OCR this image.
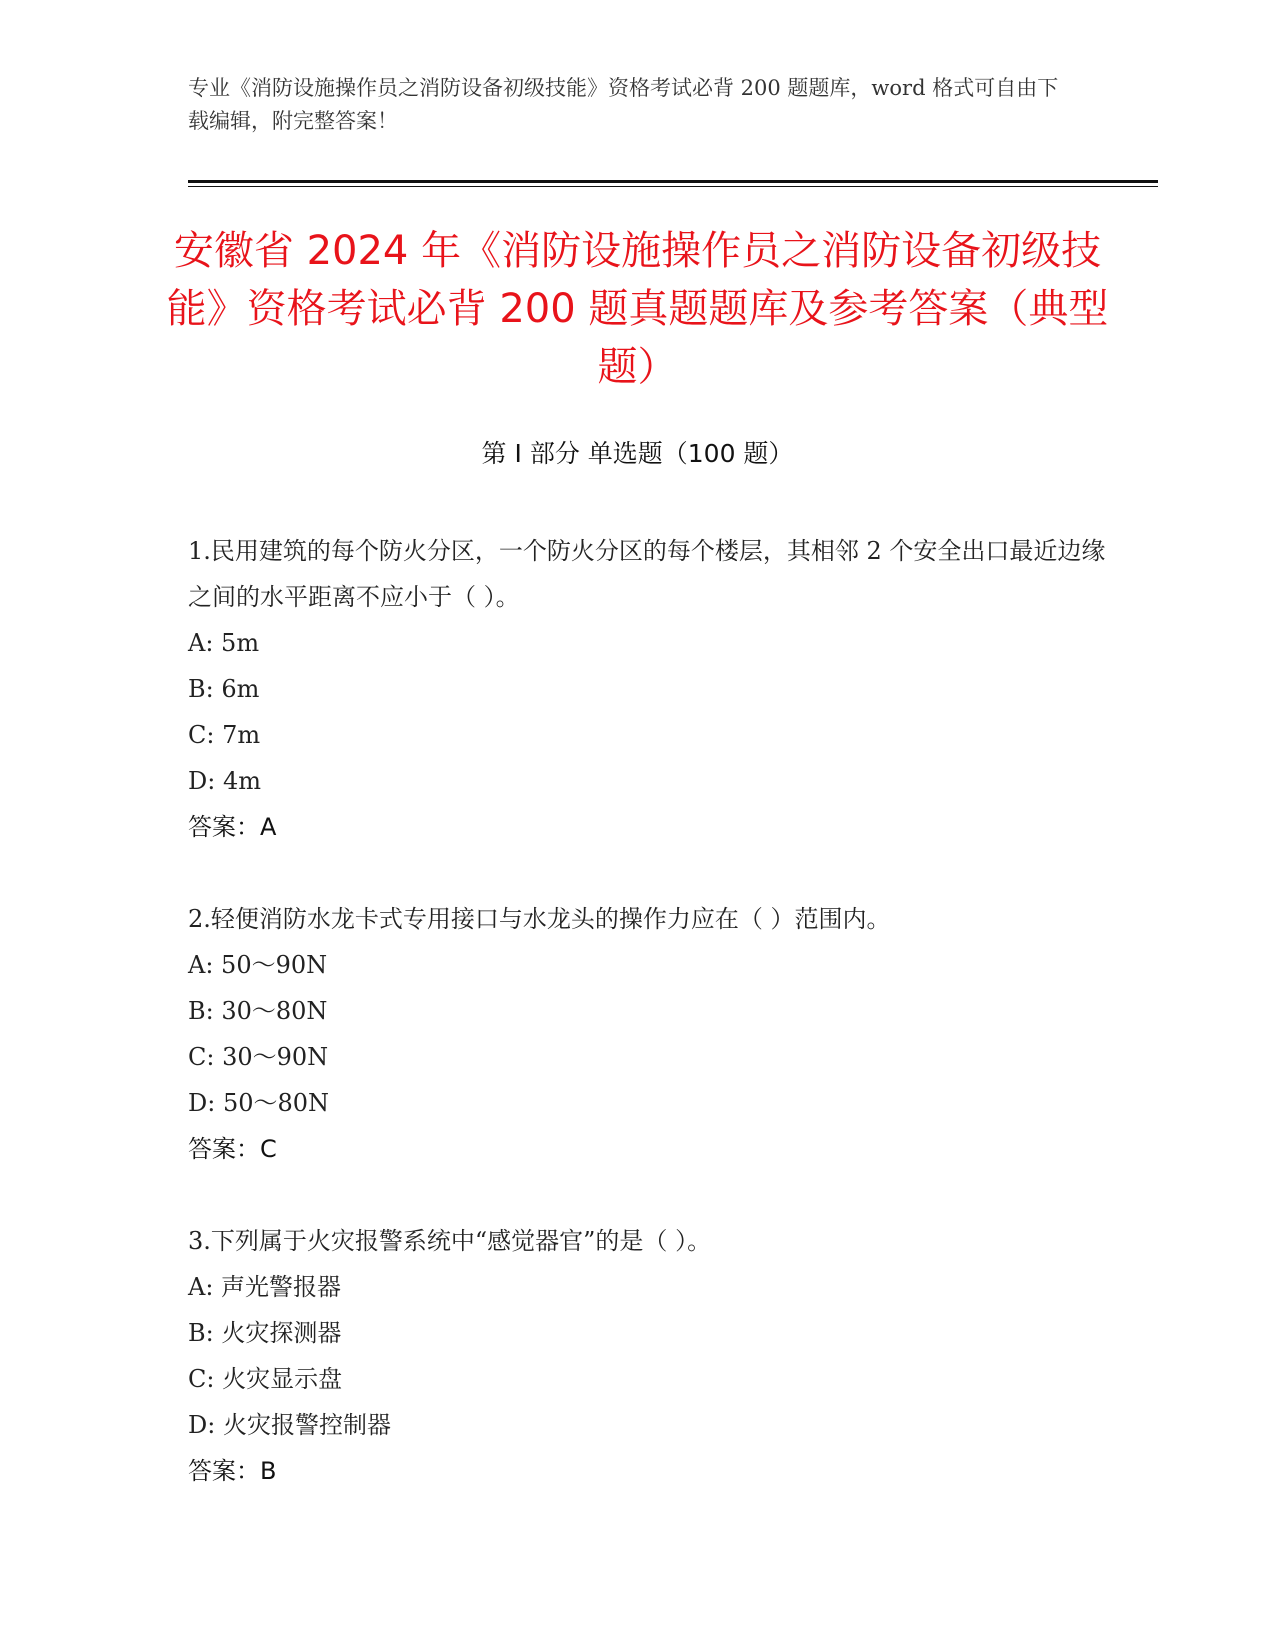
专业《消防设施操作员之消防设备初级技能》资格考试必背 200 题题库，word 格式可自由下载编辑，附完整答案！
安徽省 2024 年《消防设施操作员之消防设备初级技能》资格考试必背 200 题真题题库及参考答案（典型题）
第 I 部分 单选题（100 题）

1.民用建筑的每个防火分区，一个防火分区的每个楼层，其相邻 2 个安全出口最近边缘之间的水平距离不应小于（ ）。

A: 5m

B: 6m

C: 7m

D: 4m

答案：A

2.轻便消防水龙卡式专用接口与水龙头的操作力应在（ ）范围内。

A: 50～90N

B: 30～80N

C: 30～90N

D: 50～80N

答案：C

3.下列属于火灾报警系统中“感觉器官”的是（ ）。

A: 声光警报器

B: 火灾探测器

C: 火灾显示盘

D: 火灾报警控制器

答案：B
